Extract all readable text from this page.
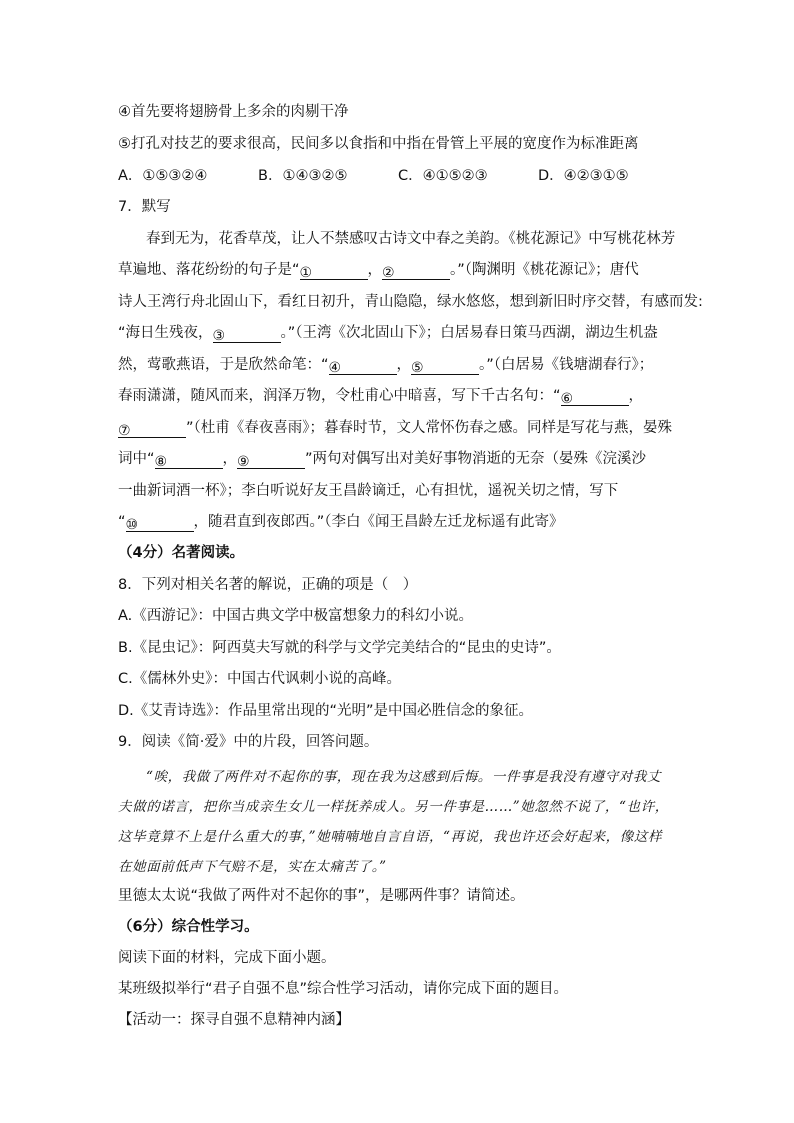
④首先要将翅膀骨上多余的肉剔干净
⑤打孔对技艺的要求很高，民间多以食指和中指在骨管上平展的宽度作为标准距离
A．①⑤③②④	B．①④③②⑤	C．④①⑤②③	D．④②③①⑤
7．默写
春到无为，花香草茂，让人不禁感叹古诗文中春之美韵。《桃花源记》中写桃花林芳
草遍地、落花纷纷的句子是“①	，②	。”（陶渊明《桃花源记》；唐代
诗人王湾行舟北固山下，看红日初升，青山隐隐，绿水悠悠，想到新旧时序交替，有感而发:
“海日生残夜，③	。”（王湾《次北固山下》；白居易春日策马西湖，湖边生机盎
然，莺歌燕语，于是欣然命笔：“④	，⑤	。”（白居易《钱塘湖春行》；
春雨潇潇，随风而来，润泽万物，令杜甫心中暗喜，写下千古名句：“⑥	，
⑦	”（杜甫《春夜喜雨》；暮春时节，文人常怀伤春之感。同样是写花与燕，晏殊
词中“⑧	，⑨	”两句对偶写出对美好事物消逝的无奈（晏殊《浣溪沙
一曲新词酒一杯》；李白听说好友王昌龄谪迁，心有担忧，遥祝关切之情，写下
“⑩	，随君直到夜郎西。”（李白《闻王昌龄左迁龙标遥有此寄》
（4分）名著阅读。
8．下列对相关名著的解说，正确的项是（　）
A.《西游记》：中国古典文学中极富想象力的科幻小说。
B.《昆虫记》：阿西莫夫写就的科学与文学完美结合的“昆虫的史诗”。
C.《儒林外史》：中国古代讽刺小说的高峰。
D.《艾青诗选》：作品里常出现的“光明”是中国必胜信念的象征。
9．阅读《简·爱》中的片段，回答问题。
“唉，我做了两件对不起你的事，现在我为这感到后悔。一件事是我没有遵守对我丈
夫做的诺言，把你当成亲生女儿一样抚养成人。另一件事是……”她忽然不说了，“也许，
这毕竟算不上是什么重大的事，”她喃喃地自言自语，“再说，我也许还会好起来，像这样
在她面前低声下气赔不是，实在太痛苦了。”
里德太太说“我做了两件对不起你的事”，是哪两件事？请简述。
（6分）综合性学习。
阅读下面的材料，完成下面小题。
某班级拟举行“君子自强不息”综合性学习活动，请你完成下面的题目。
【活动一：探寻自强不息精神内涵】
